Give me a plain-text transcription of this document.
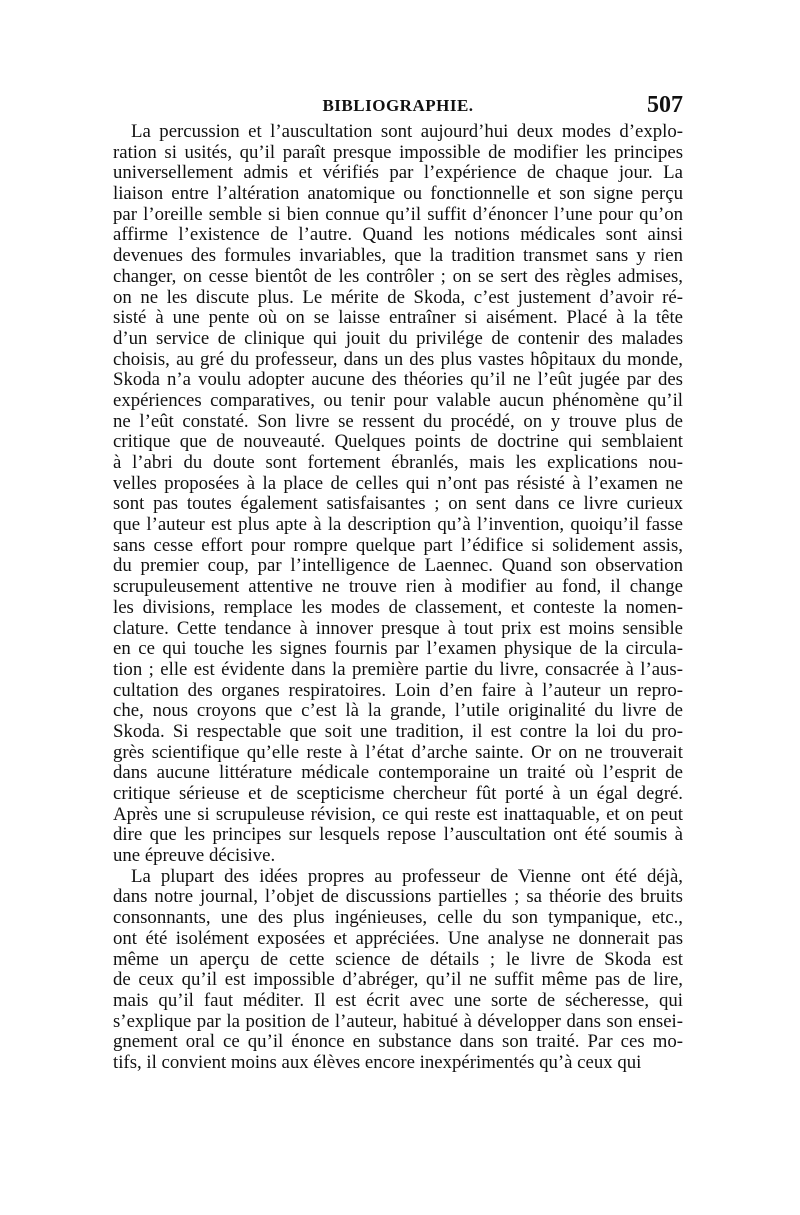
BIBLIOGRAPHIE.	507
La percussion et l’auscultation sont aujourd’hui deux modes d’explo-
ration si usités, qu’il paraît presque impossible de modifier les principes
universellement admis et vérifiés par l’expérience de chaque jour. La
liaison entre l’altération anatomique ou fonctionnelle et son signe perçu
par l’oreille semble si bien connue qu’il suffit d’énoncer l’une pour qu’on
affirme l’existence de l’autre. Quand les notions médicales sont ainsi
devenues des formules invariables, que la tradition transmet sans y rien
changer, on cesse bientôt de les contrôler ; on se sert des règles admises,
on ne les discute plus. Le mérite de Skoda, c’est justement d’avoir ré-
sisté à une pente où on se laisse entraîner si aisément. Placé à la tête
d’un service de clinique qui jouit du privilége de contenir des malades
choisis, au gré du professeur, dans un des plus vastes hôpitaux du monde,
Skoda n’a voulu adopter aucune des théories qu’il ne l’eût jugée par des
expériences comparatives, ou tenir pour valable aucun phénomène qu’il
ne l’eût constaté. Son livre se ressent du procédé, on y trouve plus de
critique que de nouveauté. Quelques points de doctrine qui semblaient
à l’abri du doute sont fortement ébranlés, mais les explications nou-
velles proposées à la place de celles qui n’ont pas résisté à l’examen ne
sont pas toutes également satisfaisantes ; on sent dans ce livre curieux
que l’auteur est plus apte à la description qu’à l’invention, quoiqu’il fasse
sans cesse effort pour rompre quelque part l’édifice si solidement assis,
du premier coup, par l’intelligence de Laennec. Quand son observation
scrupuleusement attentive ne trouve rien à modifier au fond, il change
les divisions, remplace les modes de classement, et conteste la nomen-
clature. Cette tendance à innover presque à tout prix est moins sensible
en ce qui touche les signes fournis par l’examen physique de la circula-
tion ; elle est évidente dans la première partie du livre, consacrée à l’aus-
cultation des organes respiratoires. Loin d’en faire à l’auteur un repro-
che, nous croyons que c’est là la grande, l’utile originalité du livre de
Skoda. Si respectable que soit une tradition, il est contre la loi du pro-
grès scientifique qu’elle reste à l’état d’arche sainte. Or on ne trouverait
dans aucune littérature médicale contemporaine un traité où l’esprit de
critique sérieuse et de scepticisme chercheur fût porté à un égal degré.
Après une si scrupuleuse révision, ce qui reste est inattaquable, et on peut
dire que les principes sur lesquels repose l’auscultation ont été soumis à
une épreuve décisive.
La plupart des idées propres au professeur de Vienne ont été déjà,
dans notre journal, l’objet de discussions partielles ; sa théorie des bruits
consonnants, une des plus ingénieuses, celle du son tympanique, etc.,
ont été isolément exposées et appréciées. Une analyse ne donnerait pas
même un aperçu de cette science de détails ; le livre de Skoda est
de ceux qu’il est impossible d’abréger, qu’il ne suffit même pas de lire,
mais qu’il faut méditer. Il est écrit avec une sorte de sécheresse, qui
s’explique par la position de l’auteur, habitué à développer dans son ensei-
gnement oral ce qu’il énonce en substance dans son traité. Par ces mo-
tifs, il convient moins aux élèves encore inexpérimentés qu’à ceux qui
